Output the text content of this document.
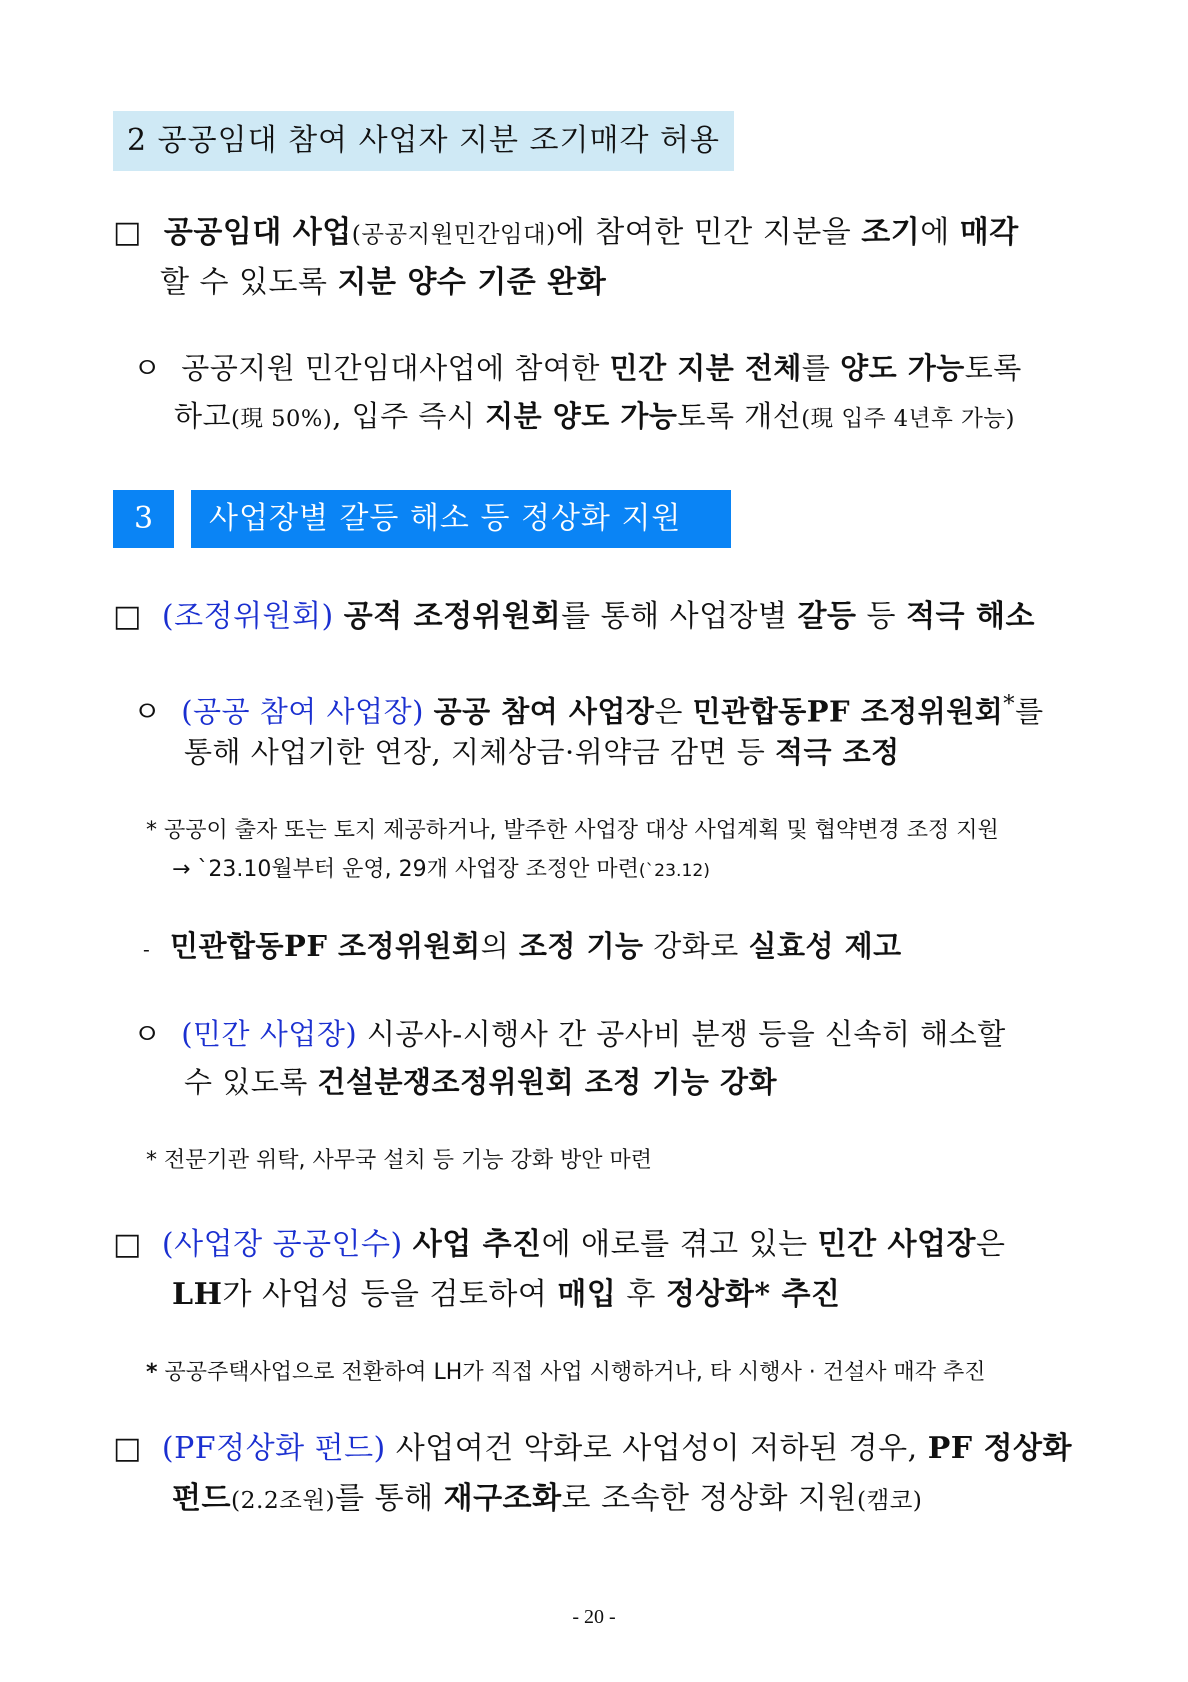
2 공공임대 참여 사업자 지분 조기매각 허용
□ 공공임대 사업(공공지원민간임대)에 참여한 민간 지분을 조기에 매각
할 수 있도록 지분 양수 기준 완화
ㅇ 공공지원 민간임대사업에 참여한 민간 지분 전체를 양도 가능토록
하고(現 50%), 입주 즉시 지분 양도 가능토록 개선(現 입주 4년후 가능)
3	사업장별 갈등 해소 등 정상화 지원
□ (조정위원회) 공적 조정위원회를 통해 사업장별 갈등 등 적극 해소
ㅇ (공공 참여 사업장) 공공 참여 사업장은 민관합동PF 조정위원회*를
통해 사업기한 연장, 지체상금·위약금 감면 등 적극 조정
* 공공이 출자 또는 토지 제공하거나, 발주한 사업장 대상 사업계획 및 협약변경 조정 지원
→ `23.10월부터 운영, 29개 사업장 조정안 마련(`23.12)
- 민관합동PF 조정위원회의 조정 기능 강화로 실효성 제고
ㅇ (민간 사업장) 시공사-시행사 간 공사비 분쟁 등을 신속히 해소할
수 있도록 건설분쟁조정위원회 조정 기능 강화
* 전문기관 위탁, 사무국 설치 등 기능 강화 방안 마련
□ (사업장 공공인수) 사업 추진에 애로를 겪고 있는 민간 사업장은
LH가 사업성 등을 검토하여 매입 후 정상화* 추진
* 공공주택사업으로 전환하여 LH가 직접 사업 시행하거나, 타 시행사 · 건설사 매각 추진
□ (PF정상화 펀드) 사업여건 악화로 사업성이 저하된 경우, PF 정상화
펀드(2.2조원)를 통해 재구조화로 조속한 정상화 지원(캠코)
- 20 -
